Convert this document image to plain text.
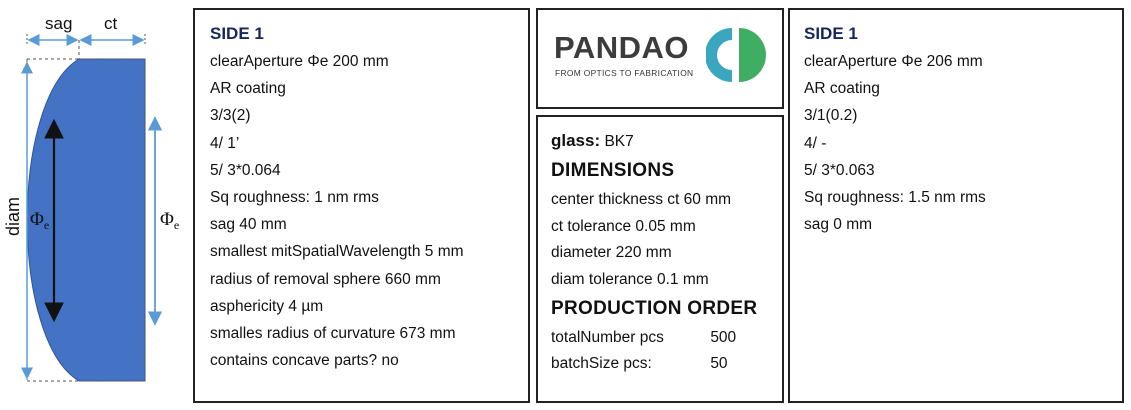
sag ct
diam $\Phi_e$	$\Phi_e$
SIDE 1
clearAperture Φe 200 mm
AR coating
3/3(2)
4/ 1’
5/ 3*0.064
Sq roughness: 1 nm rms
sag 40 mm
smallest mitSpatialWavelength 5 mm
radius of removal sphere 660 mm
asphericity 4 µm
smalles radius of curvature 673 mm
contains concave parts? no
PANDAO
FROM OPTICS TO FABRICATION
glass: BK7
DIMENSIONS
center thickness ct 60 mm
ct tolerance 0.05 mm
diameter 220 mm
diam tolerance 0.1 mm
PRODUCTION ORDER
totalNumber pcs	500
batchSize pcs:	50
SIDE 1
clearAperture Φe 206 mm
AR coating
3/1(0.2)
4/ -
5/ 3*0.063
Sq roughness: 1.5 nm rms
sag 0 mm
